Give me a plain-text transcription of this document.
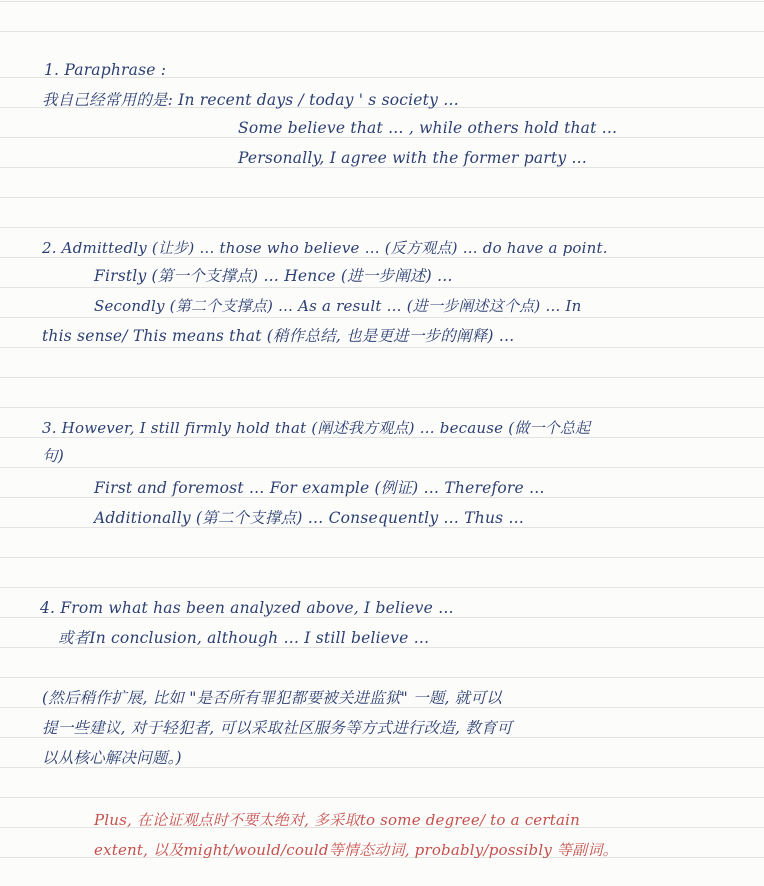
1. Paraphrase :
我自己经常用的是: In recent days / today ' s society …
Some believe that … , while others hold that …
Personally, I agree with the former party …
2. Admittedly (让步) … those who believe … (反方观点) … do have a point.
Firstly (第一个支撑点) … Hence (进一步阐述) …
Secondly (第二个支撑点) … As a result … (进一步阐述这个点) … In
this sense/ This means that (稍作总结, 也是更进一步的阐释) …
3. However, I still firmly hold that (阐述我方观点) … because (做一个总起
句)
First and foremost … For example (例证) … Therefore …
Additionally (第二个支撑点) … Consequently … Thus …
4. From what has been analyzed above, I believe …
或者In conclusion, although … I still believe …
(然后稍作扩展, 比如 "是否所有罪犯都要被关进监狱" 一题, 就可以
提一些建议, 对于轻犯者, 可以采取社区服务等方式进行改造, 教育可
以从核心解决问题。)
Plus, 在论证观点时不要太绝对, 多采取to some degree/ to a certain
extent, 以及might/would/could等情态动词, probably/possibly 等副词。
